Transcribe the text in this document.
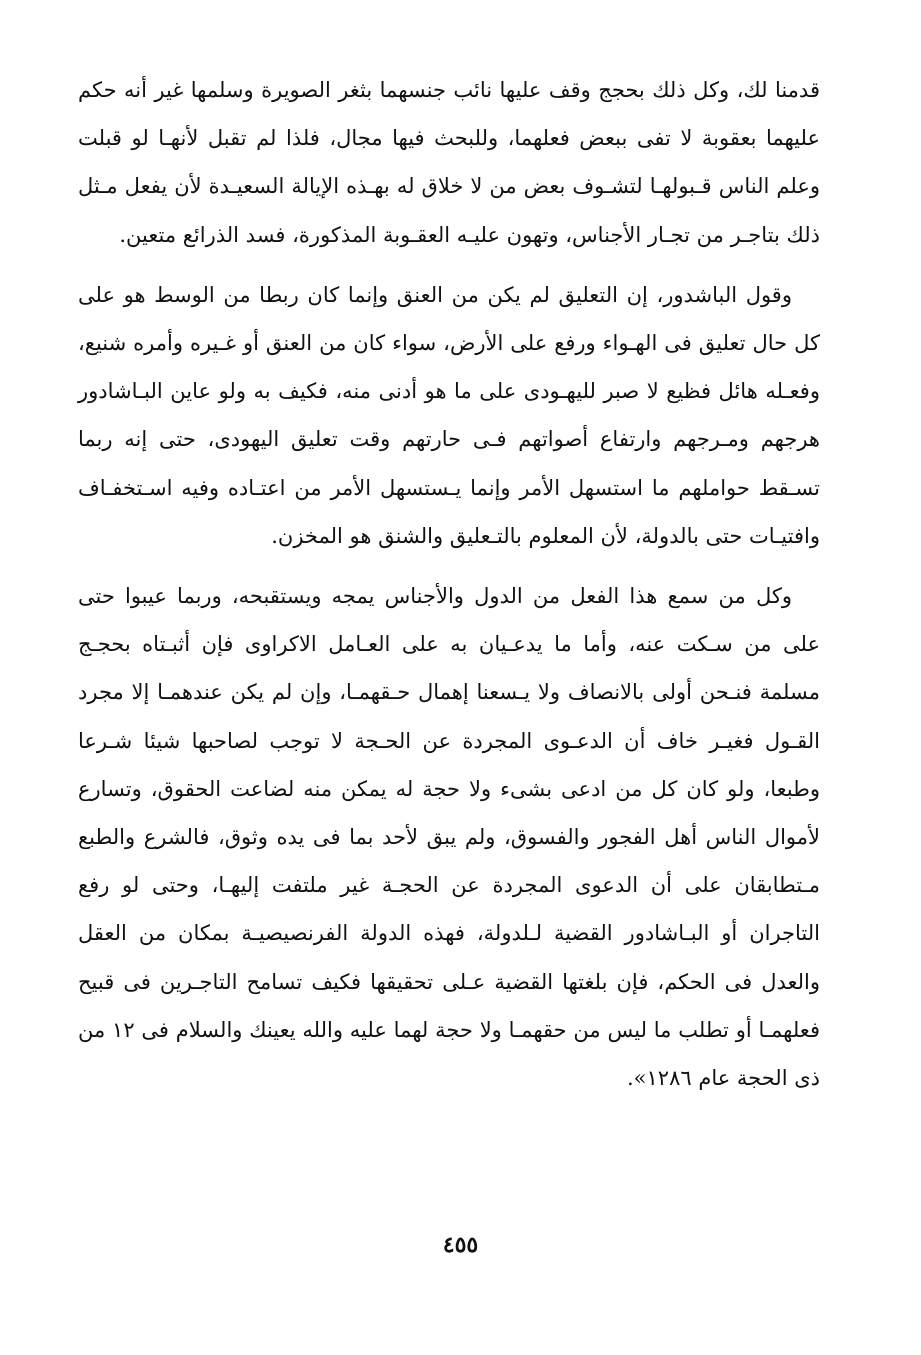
قدمنا لك، وكل ذلك بحجج وقف عليها نائب جنسهما بثغر الصويرة وسلمها غير أنه حكم عليهما بعقوبة لا تفى ببعض فعلهما، وللبحث فيها مجال، فلذا لم تقبل لأنهـا لو قبلت وعلم الناس قـبولهـا لتشـوف بعض من لا خلاق له بهـذه الإيالة السعيـدة لأن يفعل مـثل ذلك بتاجـر من تجـار الأجناس، وتهون عليـه العقـوبة المذكورة، فسد الذرائع متعين.

وقول الباشدور، إن التعليق لم يكن من العنق وإنما كان ربطا من الوسط هو على كل حال تعليق فى الهـواء ورفع على الأرض، سواء كان من العنق أو غـيره وأمره شنيع، وفعـله هائل فظيع لا صبر لليهـودى على ما هو أدنى منه، فكيف به ولو عاين البـاشادور هرجهم ومـرجهم وارتفاع أصواتهم فـى حارتهم وقت تعليق اليهودى، حتى إنه ربما تسـقط حواملهم ما استسهل الأمر وإنما يـستسهل الأمر من اعتـاده وفيه اسـتخفـاف وافتيـات حتى بالدولة، لأن المعلوم بالتـعليق والشنق هو المخزن.

وكل من سمع هذا الفعل من الدول والأجناس يمجه ويستقبحه، وربما عيبوا حتى على من سـكت عنه، وأما ما يدعـيان به على العـامل الاكراوى فإن أثبـتاه بحجـج مسلمة فنـحن أولى بالانصاف ولا يـسعنا إهمال حـقهمـا، وإن لم يكن عندهمـا إلا مجرد القـول فغيـر خاف أن الدعـوى المجردة عن الحـجة لا توجب لصاحبها شيئا شـرعا وطبعا، ولو كان كل من ادعى بشىء ولا حجة له يمكن منه لضاعت الحقوق، وتسارع لأموال الناس أهل الفجور والفسوق، ولم يبق لأحد بما فى يده وثوق، فالشرع والطبع مـتطابقان على أن الدعوى المجردة عن الحجـة غير ملتفت إليهـا، وحتى لو رفع التاجران أو البـاشادور القضية لـلدولة، فهذه الدولة الفرنصيصيـة بمكان من العقل والعدل فى الحكم، فإن بلغتها القضية عـلى تحقيقها فكيف تسامح التاجـرين فى قبيح فعلهمـا أو تطلب ما ليس من حقهمـا ولا حجة لهما عليه والله يعينك والسلام فى ١٢ من ذى الحجة عام ١٢٨٦».

٤٥٥
